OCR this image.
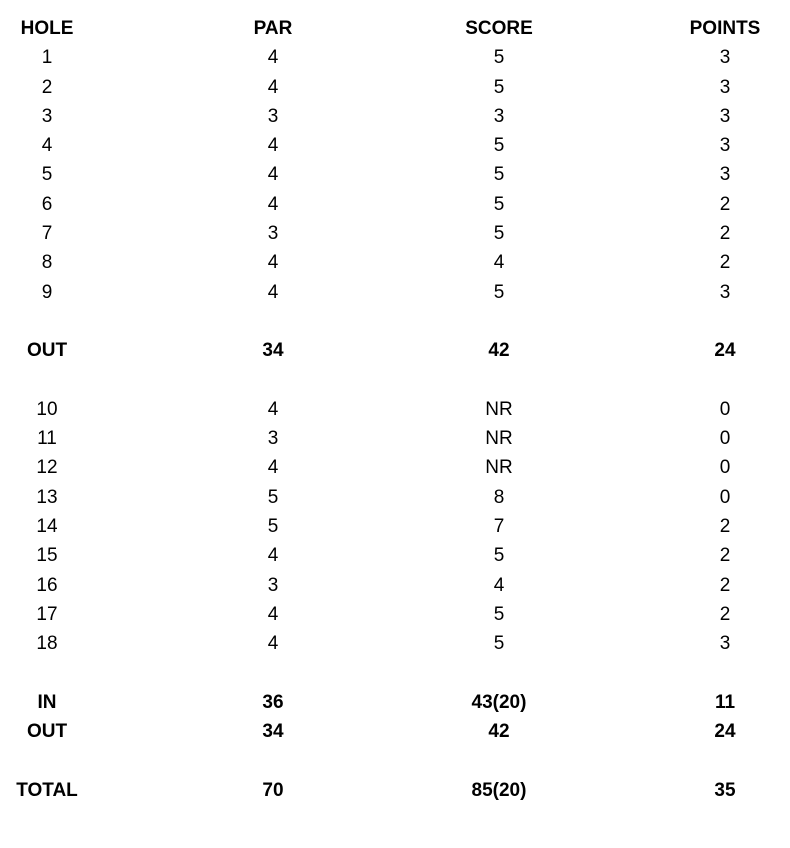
HOLE	PAR	SCORE	POINTS
1	4	5	3
2	4	5	3
3	3	3	3
4	4	5	3
5	4	5	3
6	4	5	2
7	3	5	2
8	4	4	2
9	4	5	3
OUT	34	42	24
10	4	NR	0
11	3	NR	0
12	4	NR	0
13	5	8	0
14	5	7	2
15	4	5	2
16	3	4	2
17	4	5	2
18	4	5	3
IN	36	43(20)	11
OUT	34	42	24
TOTAL	70	85(20)	35
